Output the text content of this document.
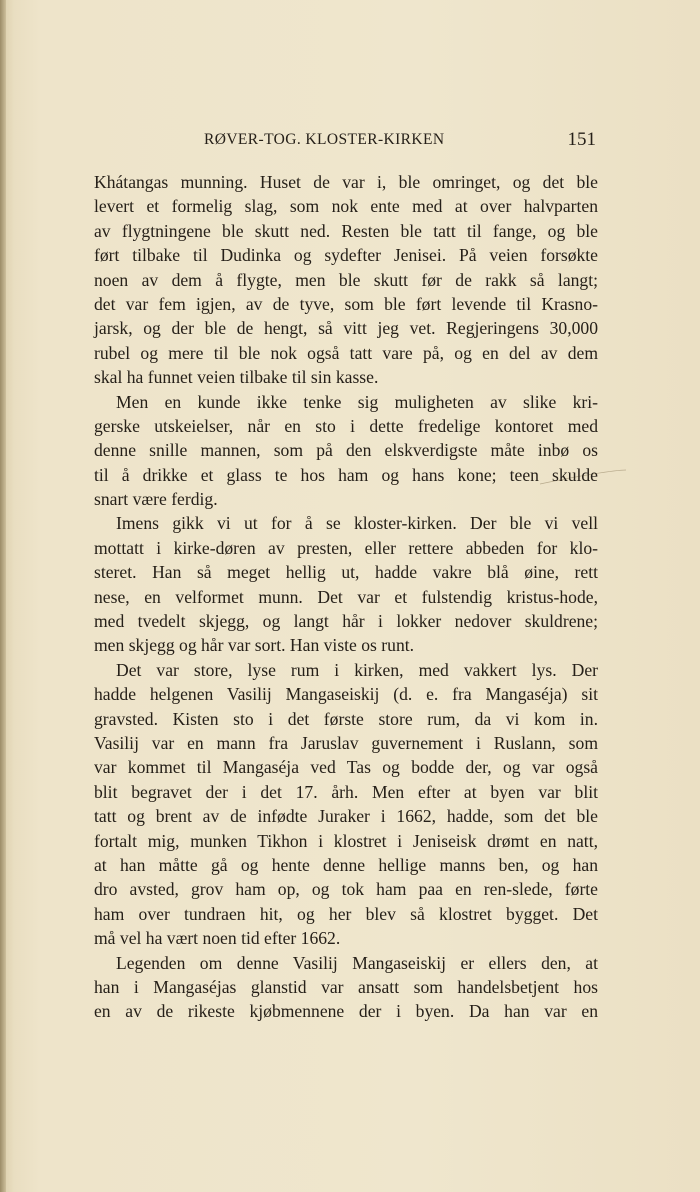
RØVER-TOG. KLOSTER-KIRKEN	151
Khátangas munning. Huset de var i, ble omringet, og det ble
levert et formelig slag, som nok ente med at over halvparten
av flygtningene ble skutt ned. Resten ble tatt til fange, og ble
ført tilbake til Dudinka og sydefter Jenisei. På veien forsøkte
noen av dem å flygte, men ble skutt før de rakk så langt;
det var fem igjen, av de tyve, som ble ført levende til Krasno-
jarsk, og der ble de hengt, så vitt jeg vet. Regjeringens 30,000
rubel og mere til ble nok også tatt vare på, og en del av dem
skal ha funnet veien tilbake til sin kasse.
Men en kunde ikke tenke sig muligheten av slike kri-
gerske utskeielser, når en sto i dette fredelige kontoret med
denne snille mannen, som på den elskverdigste måte inbø os
til å drikke et glass te hos ham og hans kone; teen skulde
snart være ferdig.
Imens gikk vi ut for å se kloster-kirken. Der ble vi vell
mottatt i kirke-døren av presten, eller rettere abbeden for klo-
steret. Han så meget hellig ut, hadde vakre blå øine, rett
nese, en velformet munn. Det var et fulstendig kristus-hode,
med tvedelt skjegg, og langt hår i lokker nedover skuldrene;
men skjegg og hår var sort. Han viste os runt.
Det var store, lyse rum i kirken, med vakkert lys. Der
hadde helgenen Vasilij Mangaseiskij (d. e. fra Mangaséja) sit
gravsted. Kisten sto i det første store rum, da vi kom in.
Vasilij var en mann fra Jaruslav guvernement i Ruslann, som
var kommet til Mangaséja ved Tas og bodde der, og var også
blit begravet der i det 17. årh. Men efter at byen var blit
tatt og brent av de infødte Juraker i 1662, hadde, som det ble
fortalt mig, munken Tikhon i klostret i Jeniseisk drømt en natt,
at han måtte gå og hente denne hellige manns ben, og han
dro avsted, grov ham op, og tok ham paa en ren-slede, førte
ham over tundraen hit, og her blev så klostret bygget. Det
må vel ha vært noen tid efter 1662.
Legenden om denne Vasilij Mangaseiskij er ellers den, at
han i Mangaséjas glanstid var ansatt som handelsbetjent hos
en av de rikeste kjøbmennene der i byen. Da han var en
